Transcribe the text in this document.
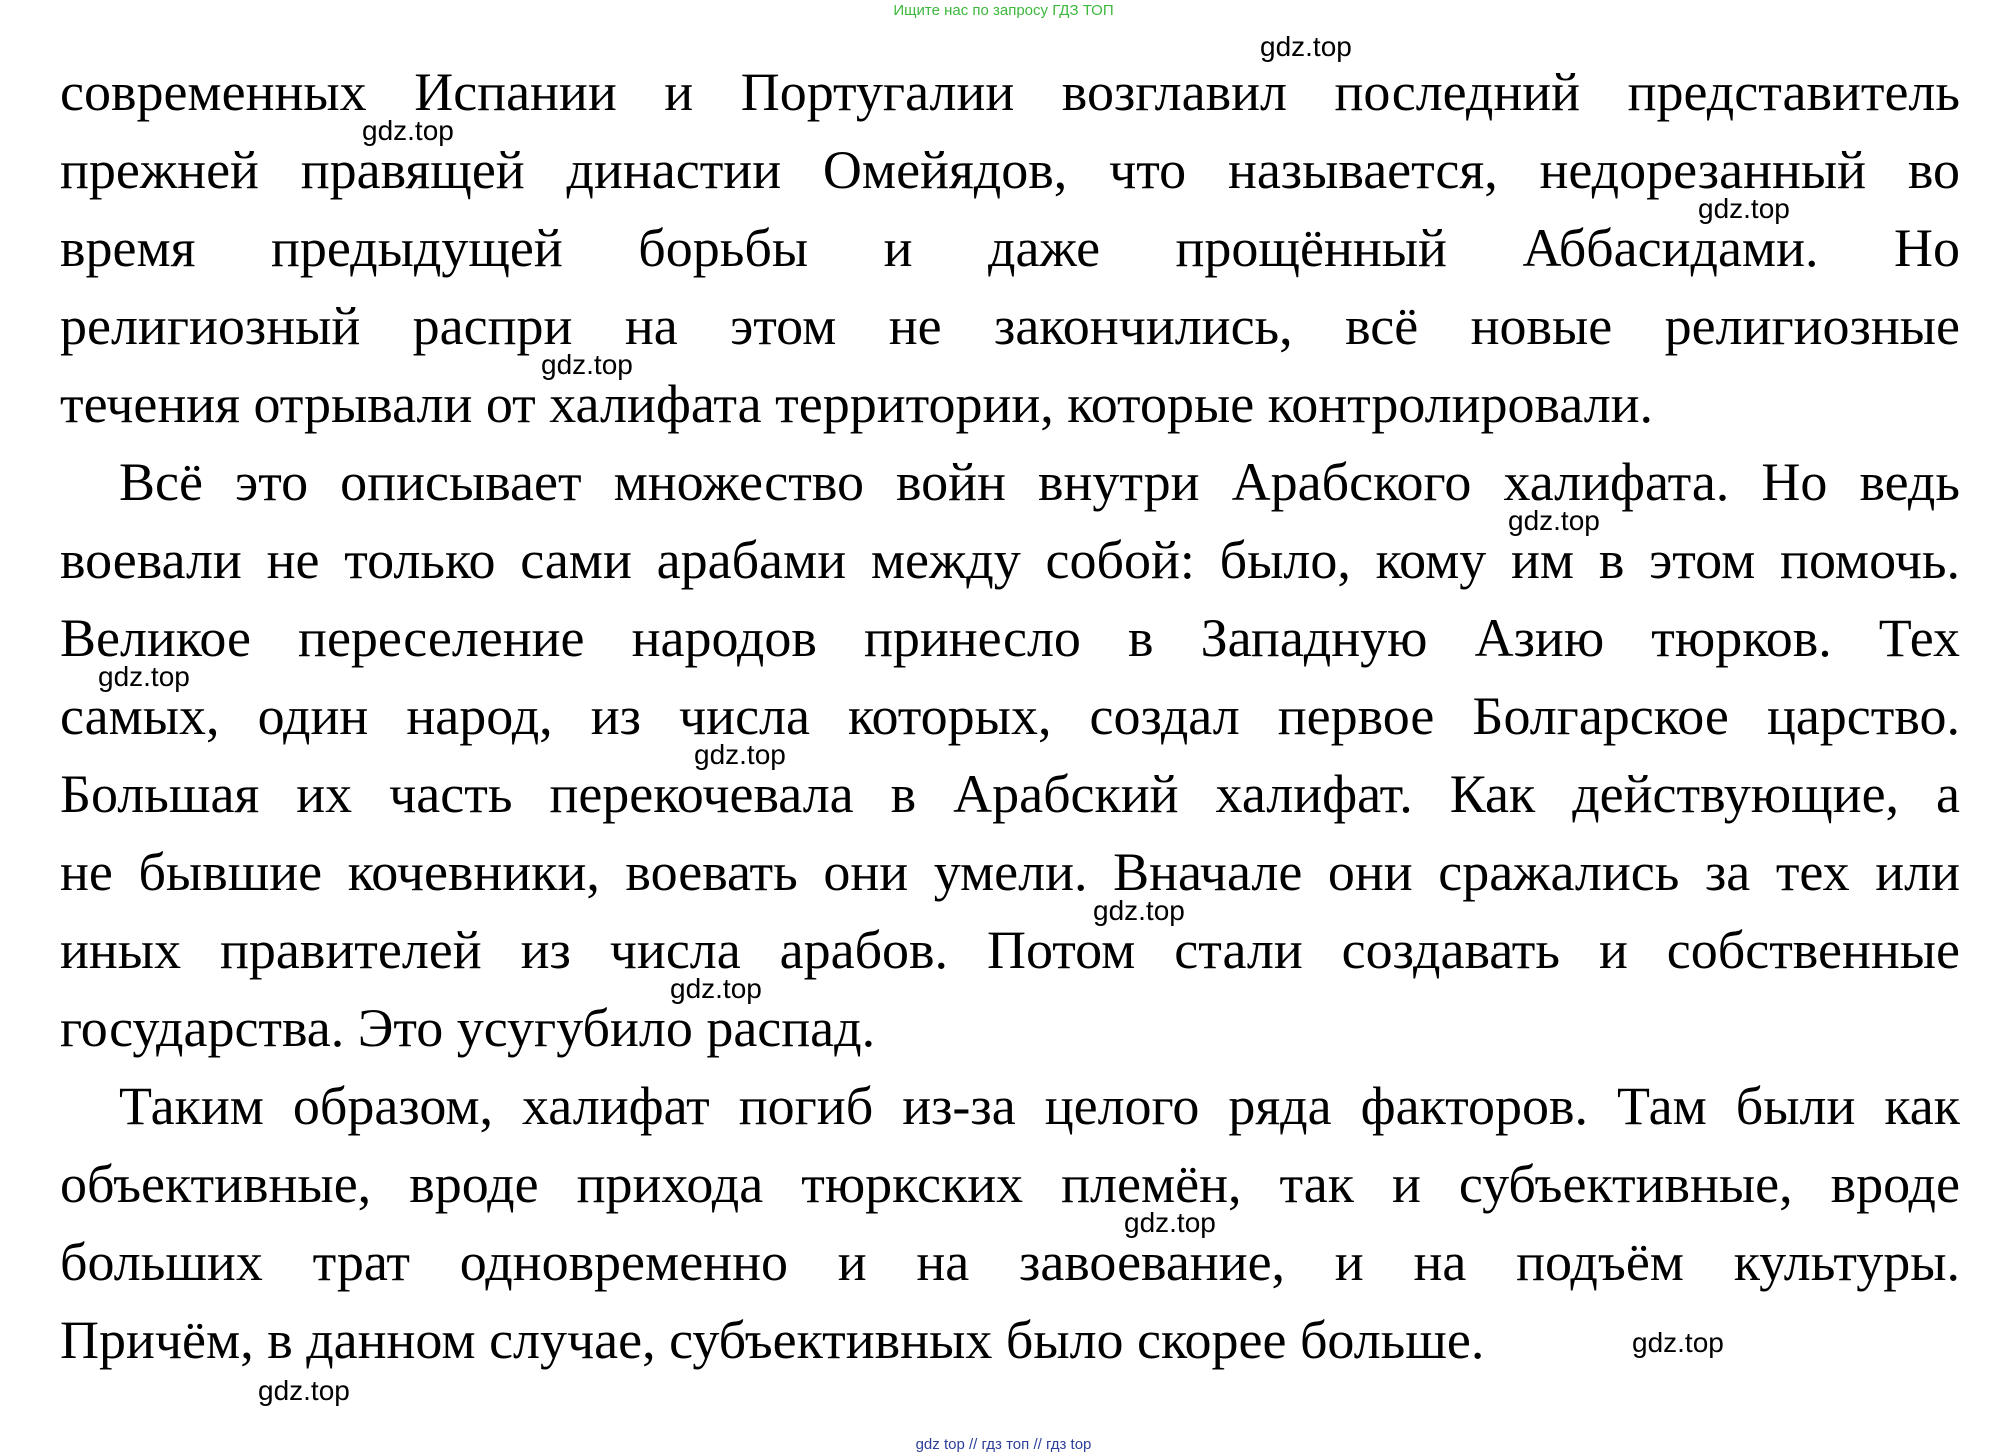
Ищите нас по запросу ГДЗ ТОП
современных Испании и Португалии возглавил последний представитель
прежней правящей династии Омейядов, что называется, недорезанный во
время предыдущей борьбы и даже прощённый Аббасидами. Но
религиозный распри на этом не закончились, всё новые религиозные
течения отрывали от халифата территории, которые контролировали.
Всё это описывает множество войн внутри Арабского халифата. Но ведь
воевали не только сами арабами между собой: было, кому им в этом помочь.
Великое переселение народов принесло в Западную Азию тюрков. Тех
самых, один народ, из числа которых, создал первое Болгарское царство.
Большая их часть перекочевала в Арабский халифат. Как действующие, а
не бывшие кочевники, воевать они умели. Вначале они сражались за тех или
иных правителей из числа арабов. Потом стали создавать и собственные
государства. Это усугубило распад.
Таким образом, халифат погиб из-за целого ряда факторов. Там были как
объективные, вроде прихода тюркских племён, так и субъективные, вроде
больших трат одновременно и на завоевание, и на подъём культуры.
Причём, в данном случае, субъективных было скорее больше.
gdz.top
gdz.top
gdz.top
gdz.top
gdz.top
gdz.top
gdz.top
gdz.top
gdz.top
gdz.top
gdz.top
gdz.top
gdz top // гдз топ // гдз top
